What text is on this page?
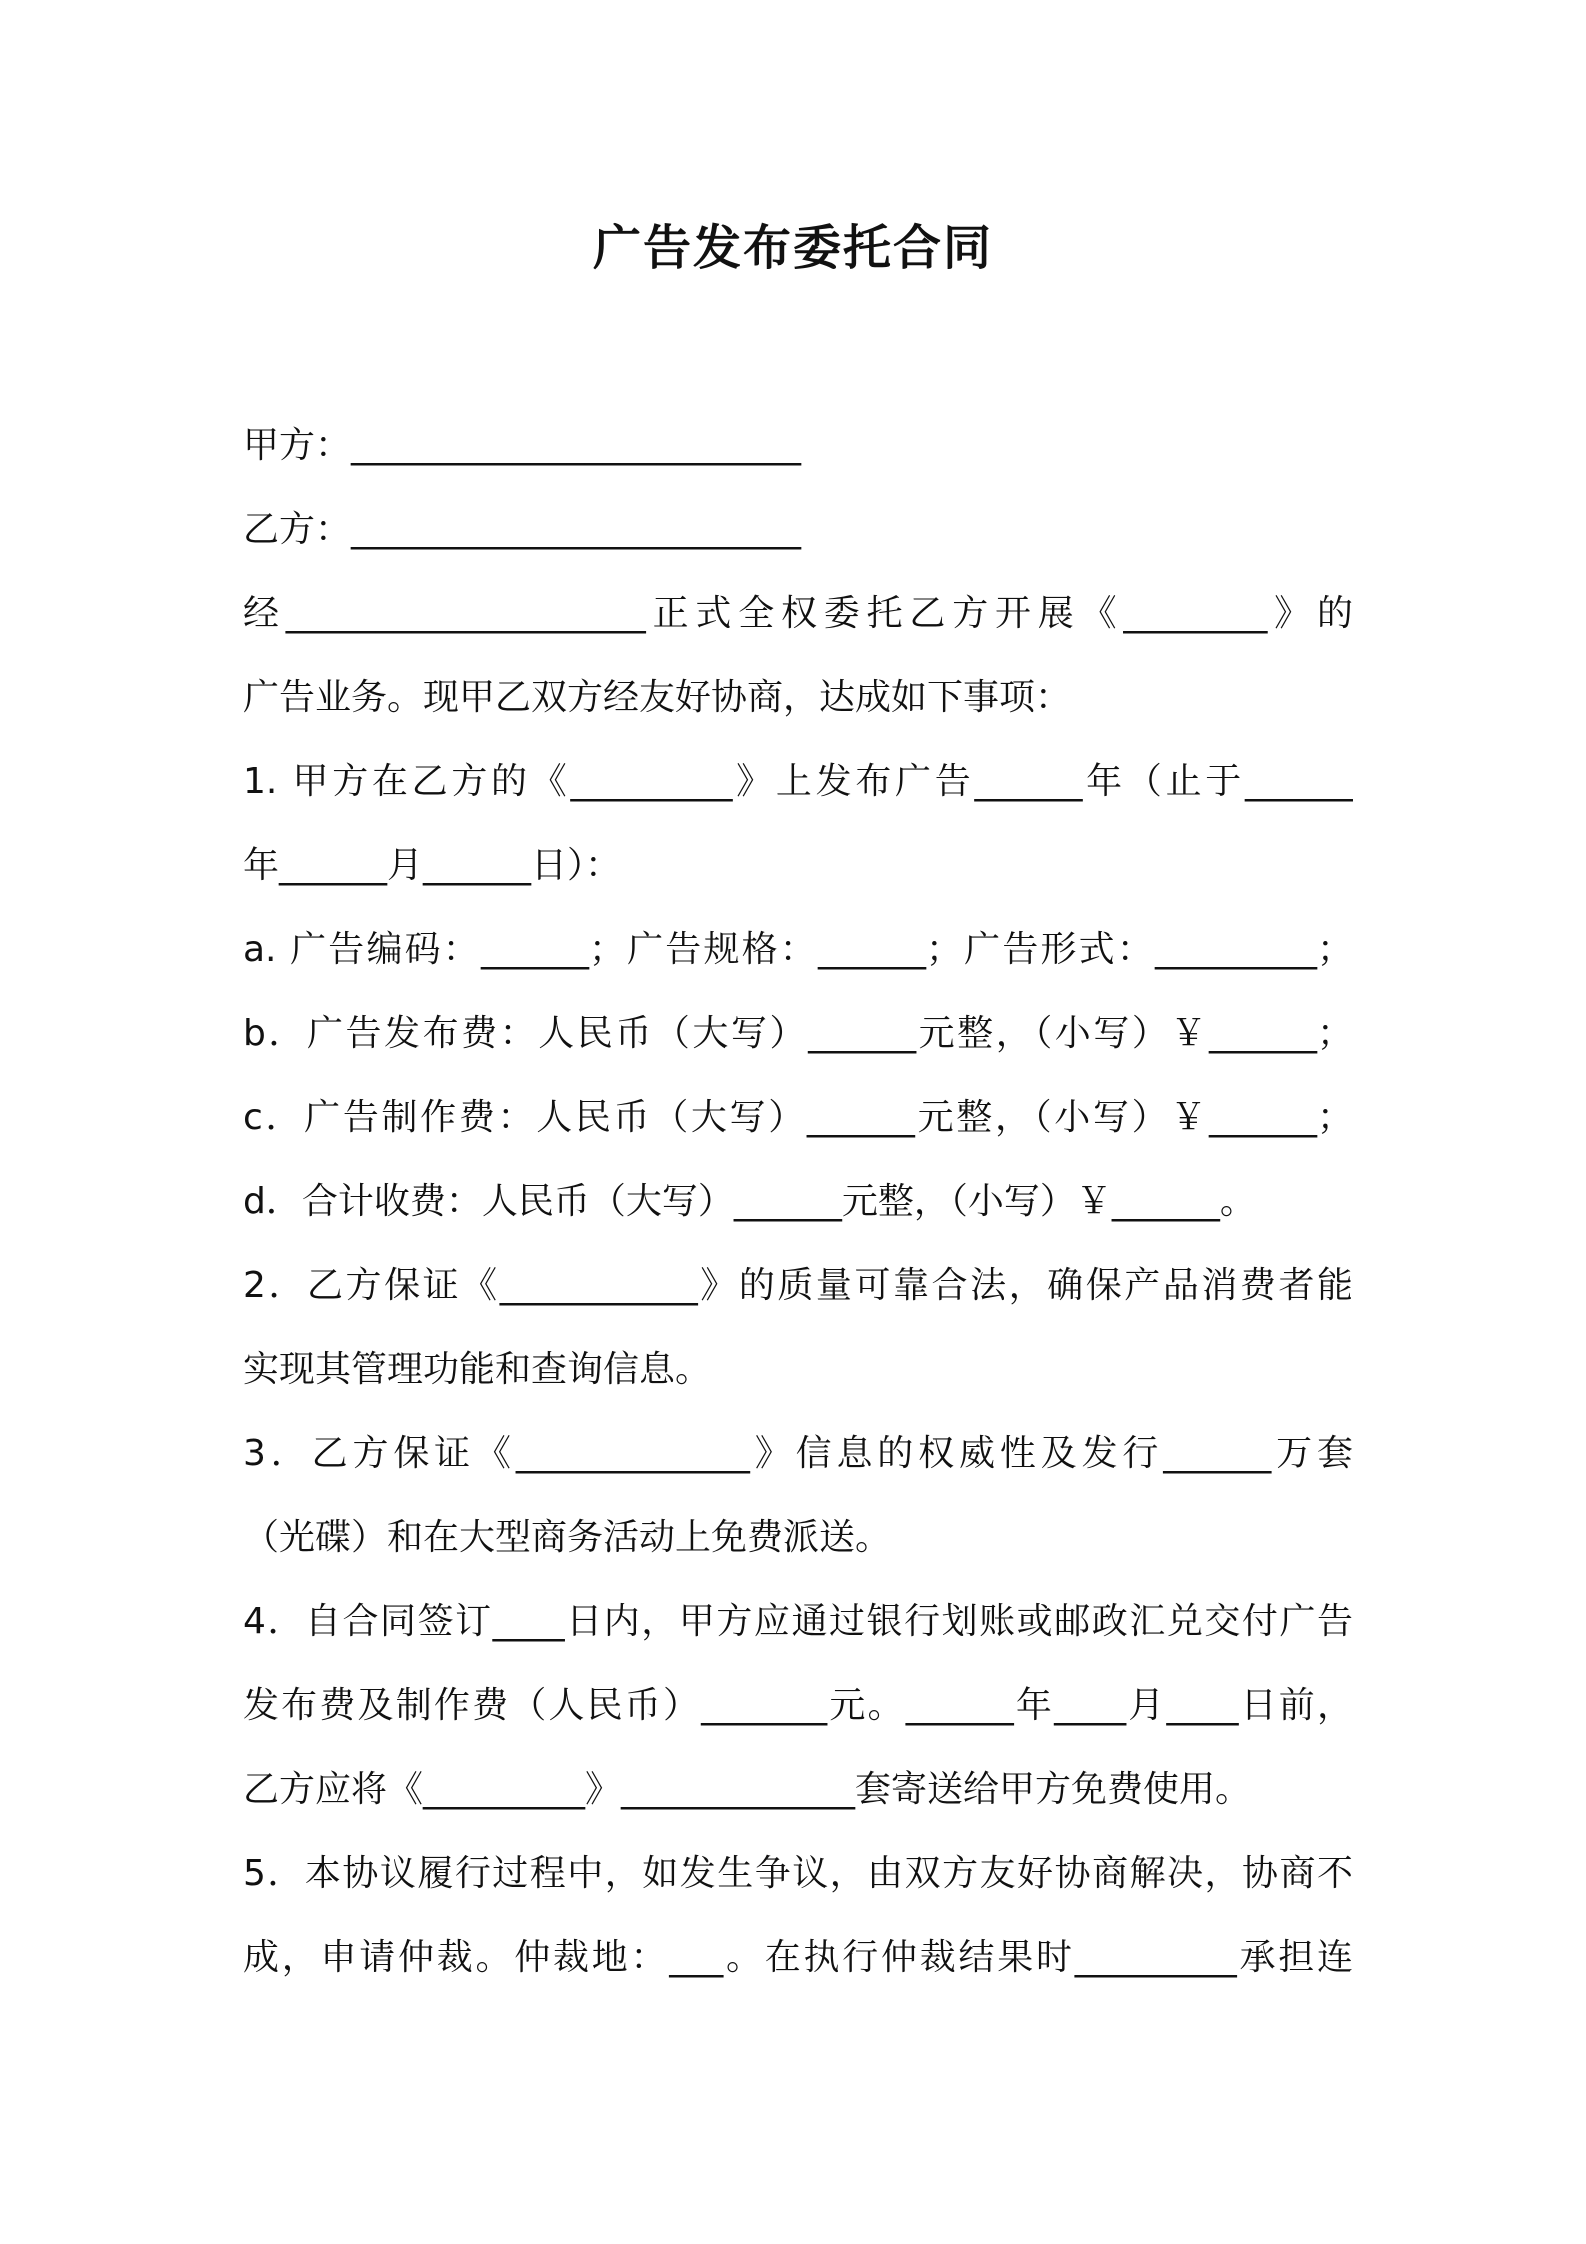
广告发布委托合同
甲方：_________________________
乙方：_________________________
经____________________正式全权委托乙方开展《________》的
广告业务。现甲乙双方经友好协商，达成如下事项：
1. 甲方在乙方的《_________》上发布广告______年（止于______
年______月______日）：
a. 广告编码：______；广告规格：______；广告形式：_________；
b．广告发布费：人民币（大写）______元整，（小写）￥______；
c．广告制作费：人民币（大写）______元整，（小写）￥______；
d．合计收费：人民币（大写）______元整，（小写）￥______。
2．乙方保证《___________》的质量可靠合法，确保产品消费者能
实现其管理功能和查询信息。
3．乙方保证《_____________》信息的权威性及发行______万套
（光碟）和在大型商务活动上免费派送。
4．自合同签订____日内，甲方应通过银行划账或邮政汇兑交付广告
发布费及制作费（人民币）_______元。______年____月____日前，
乙方应将《_________》_____________套寄送给甲方免费使用。
5．本协议履行过程中，如发生争议，由双方友好协商解决，协商不
成，申请仲裁。仲裁地：___。在执行仲裁结果时_________承担连
